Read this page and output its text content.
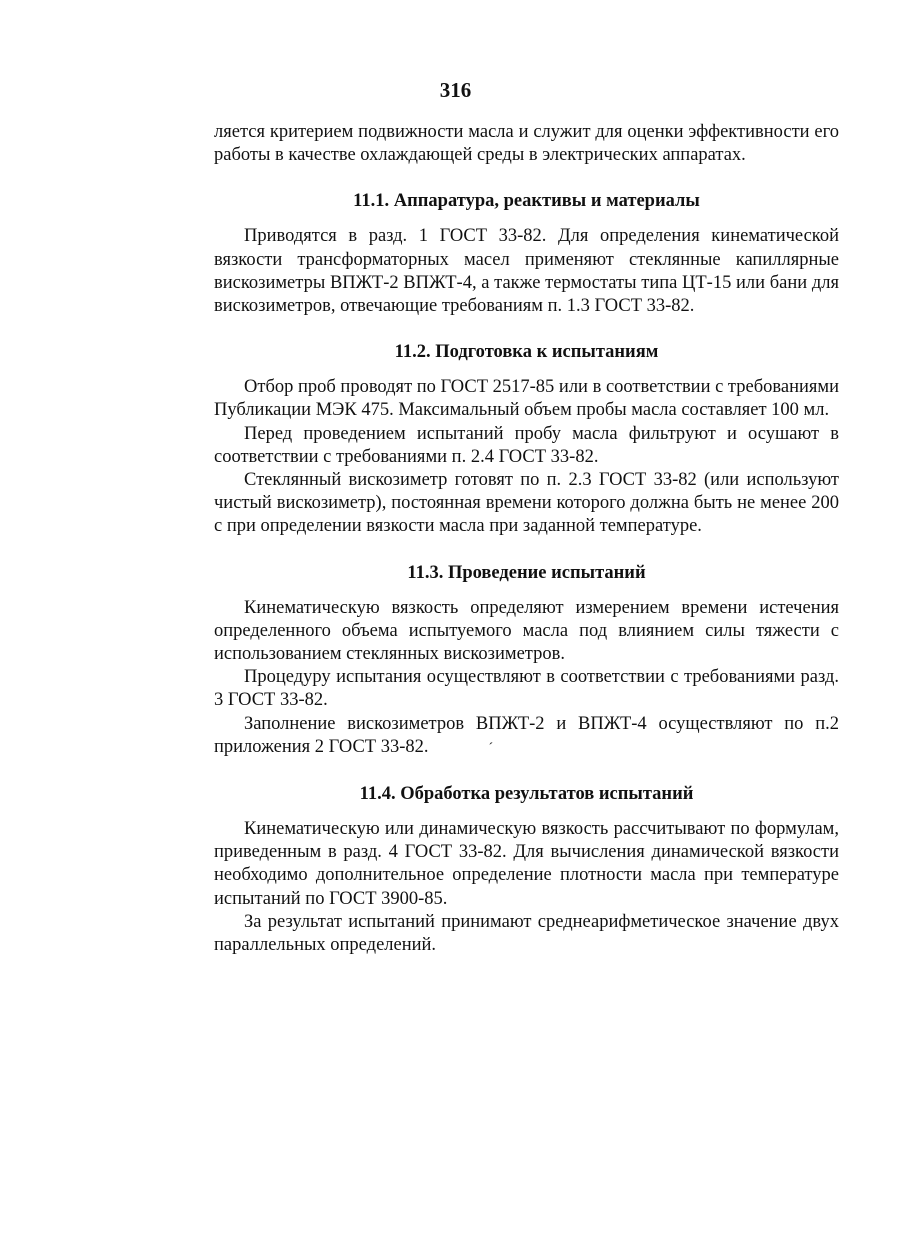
316

ляется критерием подвижности масла и служит для оценки эффективности его работы в качестве охлаждающей среды в электрических аппаратах.

11.1. Аппаратура, реактивы и материалы

Приводятся в разд. 1 ГОСТ 33-82. Для определения кинематической вязкости трансформаторных масел применяют стеклянные капиллярные вискозиметры ВПЖТ-2 ВПЖТ-4, а также термостаты типа ЦТ-15 или бани для вискозиметров, отвечающие требованиям п. 1.3 ГОСТ 33-82.

11.2. Подготовка к испытаниям

Отбор проб проводят по ГОСТ 2517-85 или в соответствии с требованиями Публикации МЭК 475. Максимальный объем пробы масла составляет 100 мл.

Перед проведением испытаний пробу масла фильтруют и осушают в соответствии с требованиями п. 2.4 ГОСТ 33-82.

Стеклянный вискозиметр готовят по п. 2.3 ГОСТ 33-82 (или используют чистый вискозиметр), постоянная времени которого должна быть не менее 200 с при определении вязкости масла при заданной температуре.

11.3. Проведение испытаний

Кинематическую вязкость определяют измерением времени истечения определенного объема испытуемого масла под влиянием силы тяжести с использованием стеклянных вискозиметров.

Процедуру испытания осуществляют в соответствии с требованиями разд. 3 ГОСТ 33-82.

Заполнение вискозиметров ВПЖТ-2 и ВПЖТ-4 осуществляют по п.2 приложения 2 ГОСТ 33-82.	ˊ

11.4. Обработка результатов испытаний

Кинематическую или динамическую вязкость рассчитывают по формулам, приведенным в разд. 4 ГОСТ 33-82. Для вычисления динамической вязкости необходимо дополнительное определение плотности масла при температуре испытаний по ГОСТ 3900-85.

За результат испытаний принимают среднеарифметическое значение двух параллельных определений.
